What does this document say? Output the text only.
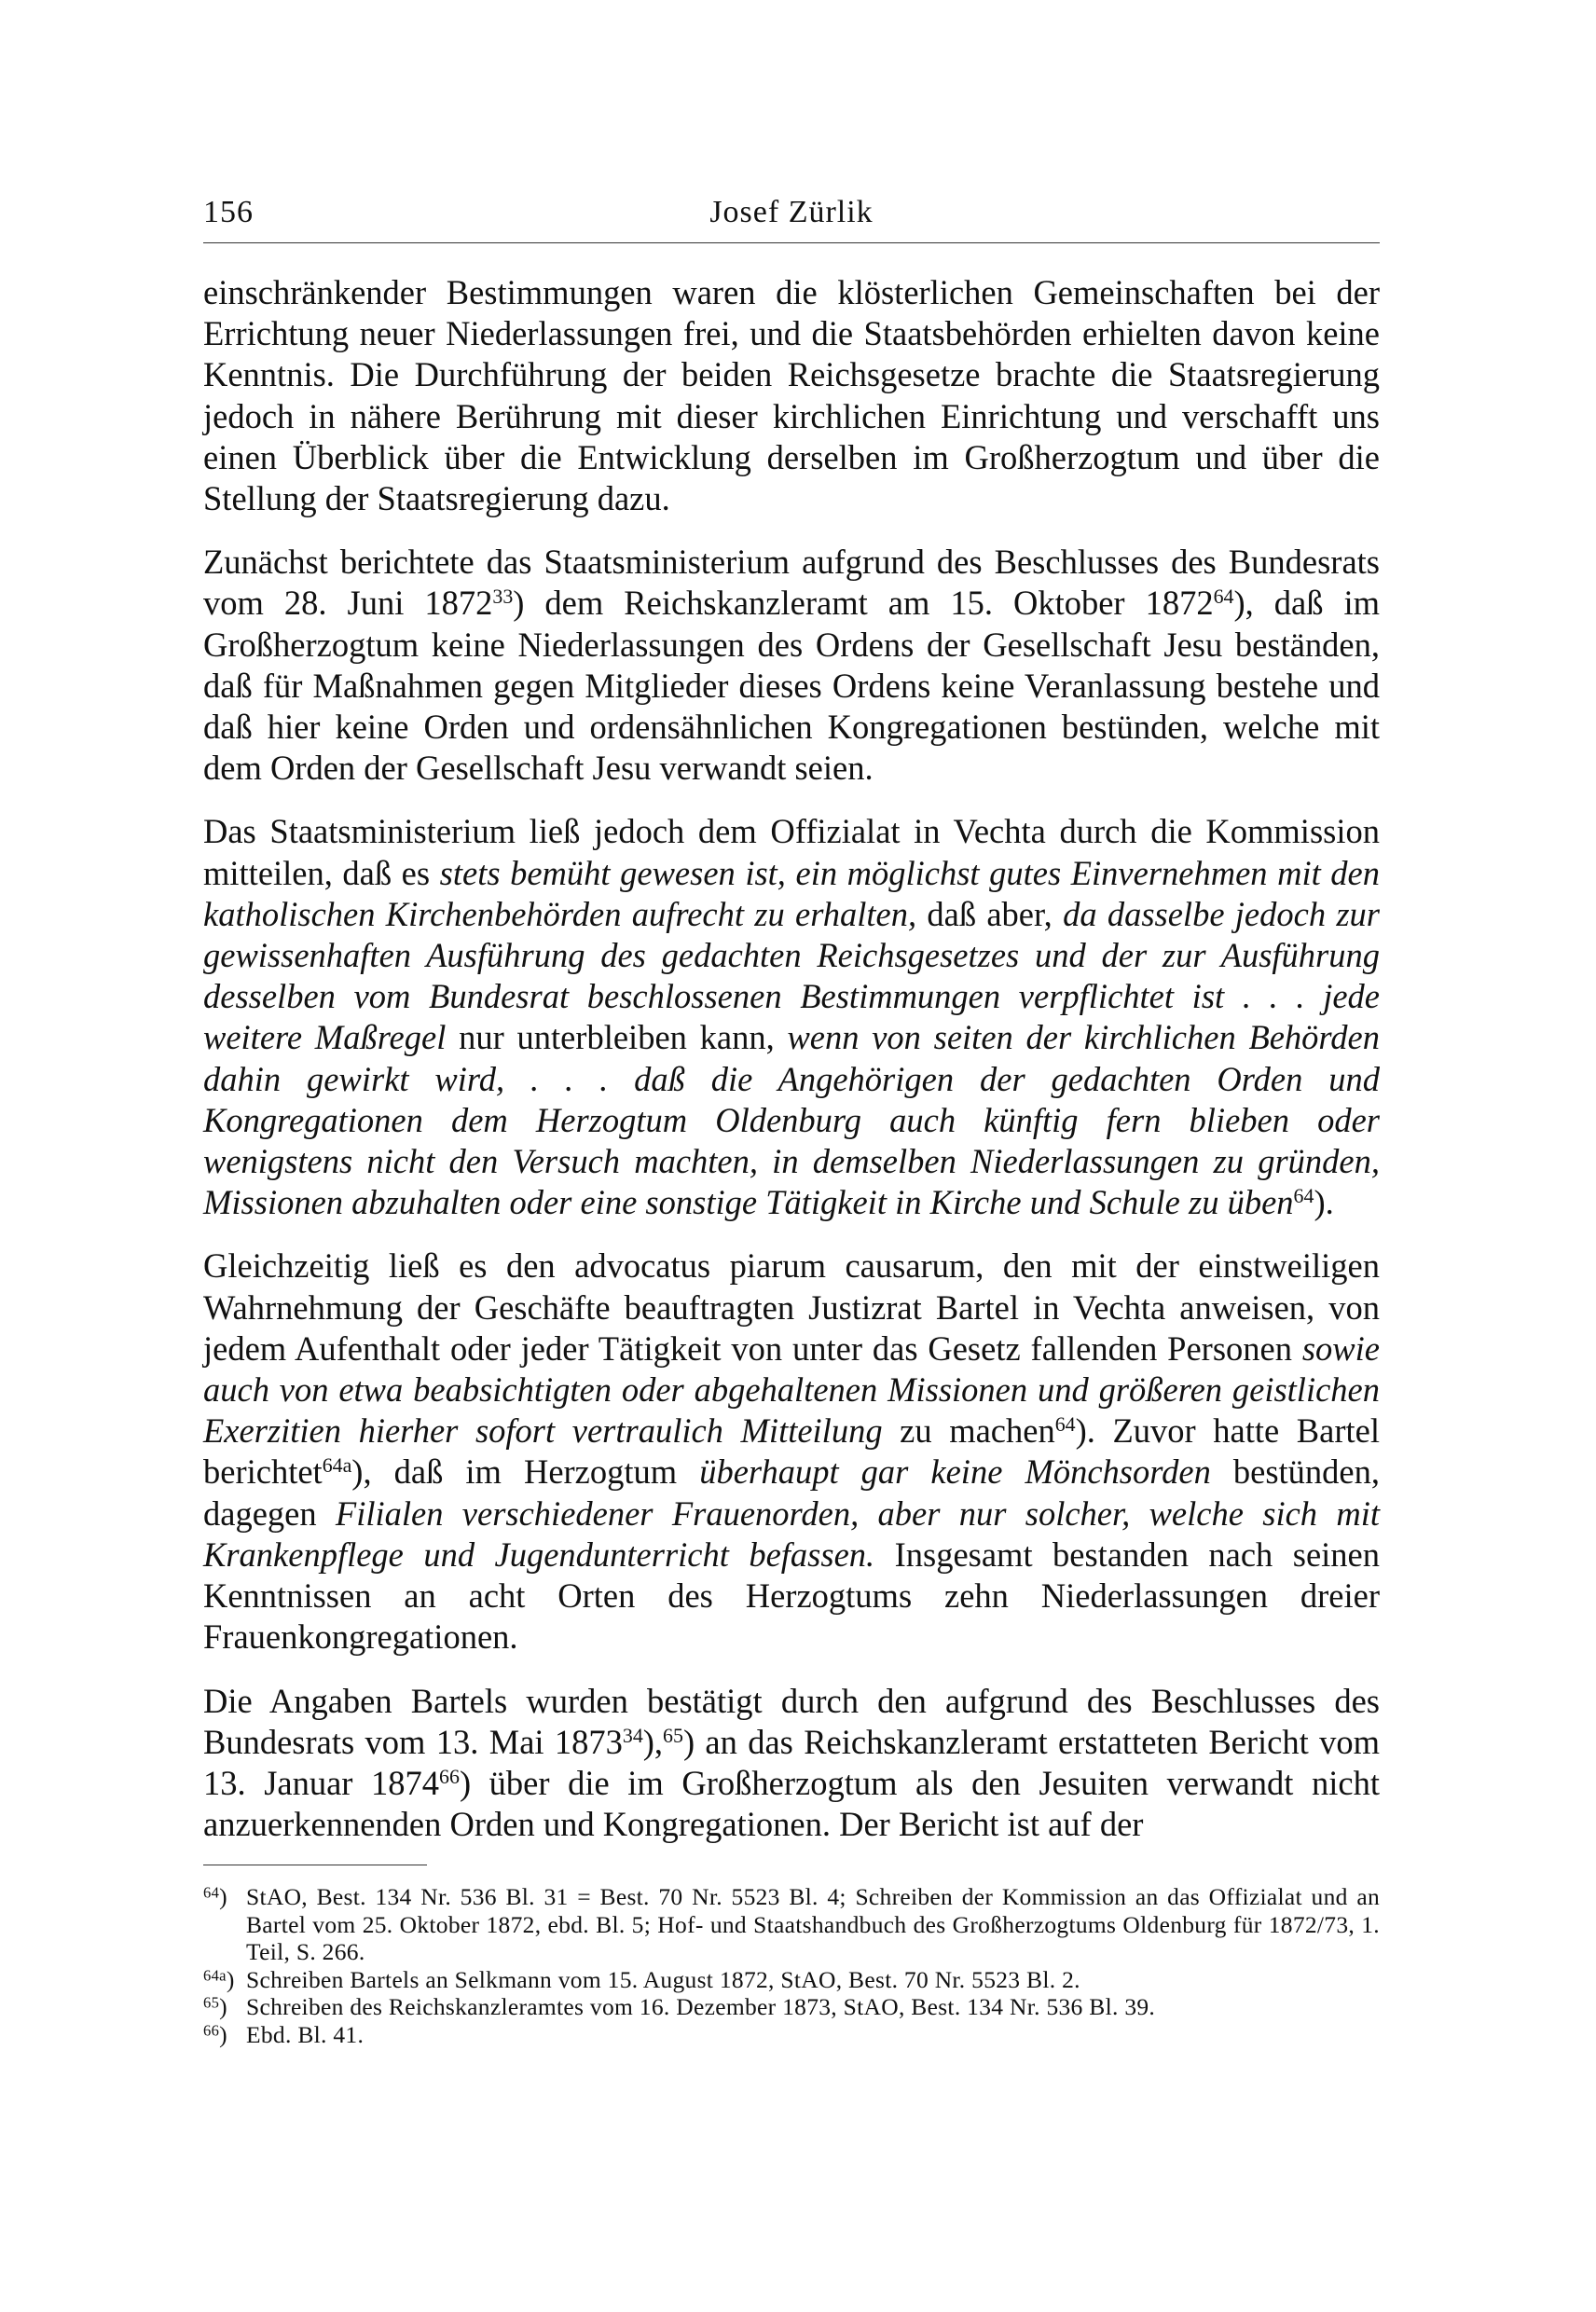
156	Josef Zürlik

einschränkender Bestimmungen waren die klösterlichen Gemeinschaften bei der Errichtung neuer Niederlassungen frei, und die Staatsbehörden erhielten davon keine Kenntnis. Die Durchführung der beiden Reichsgesetze brachte die Staatsregierung jedoch in nähere Berührung mit dieser kirchlichen Einrichtung und verschafft uns einen Überblick über die Entwicklung derselben im Großherzogtum und über die Stellung der Staatsregierung dazu.

Zunächst berichtete das Staatsministerium aufgrund des Beschlusses des Bundesrats vom 28. Juni 1872$^{33}$) dem Reichskanzleramt am 15. Oktober 1872$^{64}$), daß im Großherzogtum keine Niederlassungen des Ordens der Gesellschaft Jesu beständen, daß für Maßnahmen gegen Mitglieder dieses Ordens keine Veranlassung bestehe und daß hier keine Orden und ordensähnlichen Kongregationen bestünden, welche mit dem Orden der Gesellschaft Jesu verwandt seien.

Das Staatsministerium ließ jedoch dem Offizialat in Vechta durch die Kommission mitteilen, daß es stets bemüht gewesen ist, ein möglichst gutes Einvernehmen mit den katholischen Kirchenbehörden aufrecht zu erhalten, daß aber, da dasselbe jedoch zur gewissenhaften Ausführung des gedachten Reichsgesetzes und der zur Ausführung desselben vom Bundesrat beschlossenen Bestimmungen verpflichtet ist . . . jede weitere Maßregel nur unterbleiben kann, wenn von seiten der kirchlichen Behörden dahin gewirkt wird, . . . daß die Angehörigen der gedachten Orden und Kongregationen dem Herzogtum Oldenburg auch künftig fern blieben oder wenigstens nicht den Versuch machten, in demselben Niederlassungen zu gründen, Missionen abzuhalten oder eine sonstige Tätigkeit in Kirche und Schule zu üben$^{64}$).

Gleichzeitig ließ es den advocatus piarum causarum, den mit der einstweiligen Wahrnehmung der Geschäfte beauftragten Justizrat Bartel in Vechta anweisen, von jedem Aufenthalt oder jeder Tätigkeit von unter das Gesetz fallenden Personen sowie auch von etwa beabsichtigten oder abgehaltenen Missionen und größeren geistlichen Exerzitien hierher sofort vertraulich Mitteilung zu machen$^{64}$). Zuvor hatte Bartel berichtet$^{64a}$), daß im Herzogtum überhaupt gar keine Mönchsorden bestünden, dagegen Filialen verschiedener Frauenorden, aber nur solcher, welche sich mit Krankenpflege und Jugendunterricht befassen. Insgesamt bestanden nach seinen Kenntnissen an acht Orten des Herzogtums zehn Niederlassungen dreier Frauenkongregationen.

Die Angaben Bartels wurden bestätigt durch den aufgrund des Beschlusses des Bundesrats vom 13. Mai 1873$^{34}$),$^{65}$) an das Reichskanzleramt erstatteten Bericht vom 13. Januar 1874$^{66}$) über die im Großherzogtum als den Jesuiten verwandt nicht anzuerkennenden Orden und Kongregationen. Der Bericht ist auf der

$^{64}$) StAO, Best. 134 Nr. 536 Bl. 31 = Best. 70 Nr. 5523 Bl. 4; Schreiben der Kommission an das Offizialat und an Bartel vom 25. Oktober 1872, ebd. Bl. 5; Hof- und Staatshandbuch des Großherzogtums Oldenburg für 1872/73, 1. Teil, S. 266.
$^{64a}$) Schreiben Bartels an Selkmann vom 15. August 1872, StAO, Best. 70 Nr. 5523 Bl. 2.
$^{65}$) Schreiben des Reichskanzleramtes vom 16. Dezember 1873, StAO, Best. 134 Nr. 536 Bl. 39.
$^{66}$) Ebd. Bl. 41.
